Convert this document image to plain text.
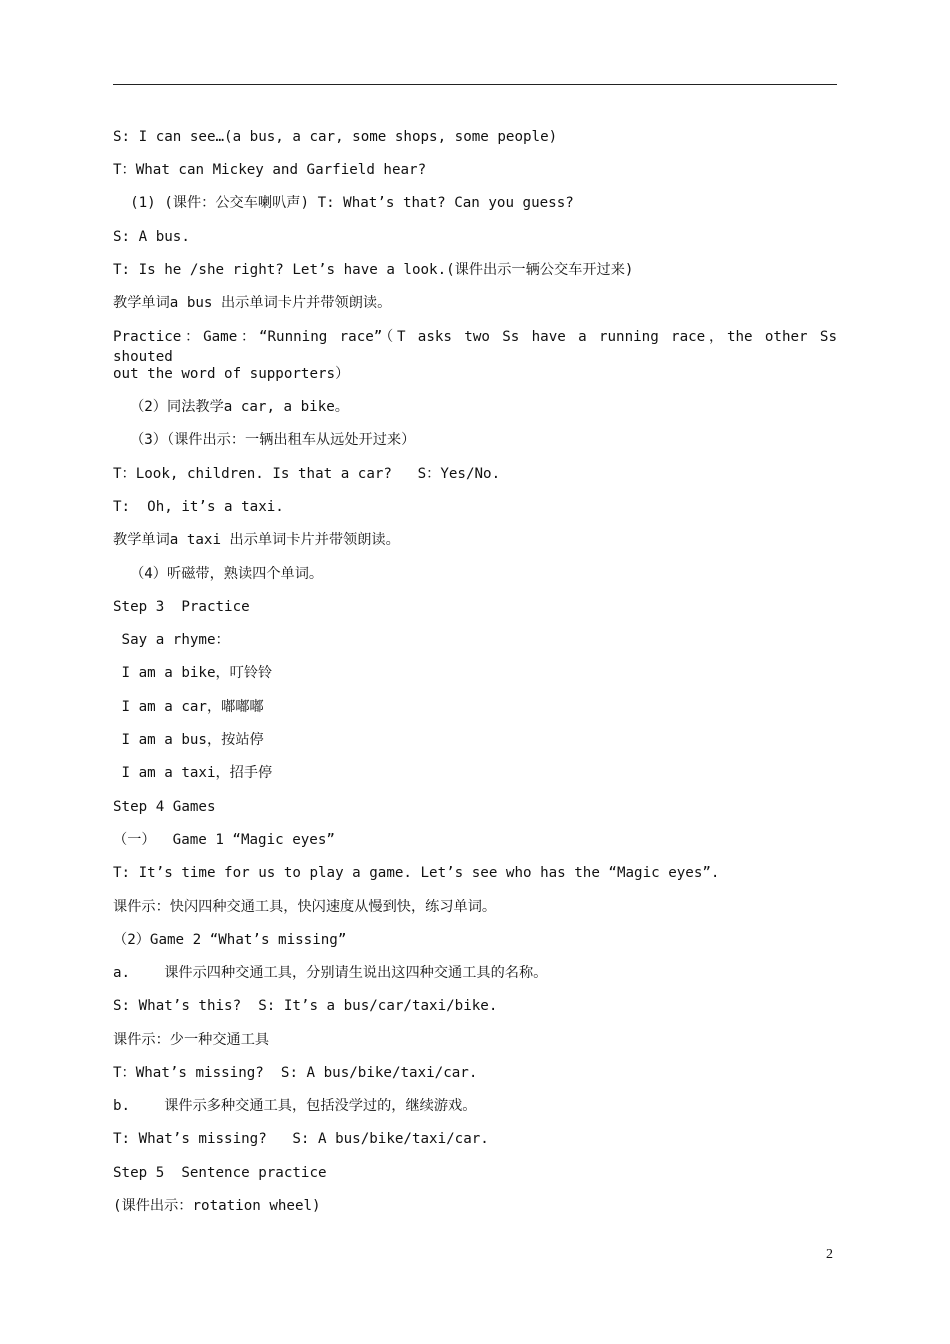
S: I can see…(a bus, a car, some shops, some people)
T：What can Mickey and Garfield hear?
(1) (课件：公交车喇叭声) T: What’s that? Can you guess?
S: A bus.
T: Is he /she right? Let’s have a look.(课件出示一辆公交车开过来)
教学单词a bus 出示单词卡片并带领朗读。
Practice：Game：“Running race”（T asks two Ss have a running race，the other Ss shouted
out the word of supporters）
（2）同法教学a car, a bike。
（3）（课件出示：一辆出租车从远处开过来）
T：Look, children. Is that a car?   S：Yes/No.
T:  Oh, it’s a taxi.
教学单词a taxi 出示单词卡片并带领朗读。
（4）听磁带，熟读四个单词。
Step 3  Practice
Say a rhyme：
I am a bike，叮铃铃
I am a car，嘟嘟嘟
I am a bus，按站停
I am a taxi，招手停
Step 4 Games
（一）  Game 1 “Magic eyes”
T: It’s time for us to play a game. Let’s see who has the “Magic eyes”.
课件示：快闪四种交通工具，快闪速度从慢到快，练习单词。
（2）Game 2 “What’s missing”
a.    课件示四种交通工具，分别请生说出这四种交通工具的名称。
S: What’s this?  S: It’s a bus/car/taxi/bike.
课件示：少一种交通工具
T：What’s missing?  S: A bus/bike/taxi/car.
b.    课件示多种交通工具，包括没学过的，继续游戏。
T: What’s missing?   S: A bus/bike/taxi/car.
Step 5  Sentence practice
(课件出示：rotation wheel)
2
